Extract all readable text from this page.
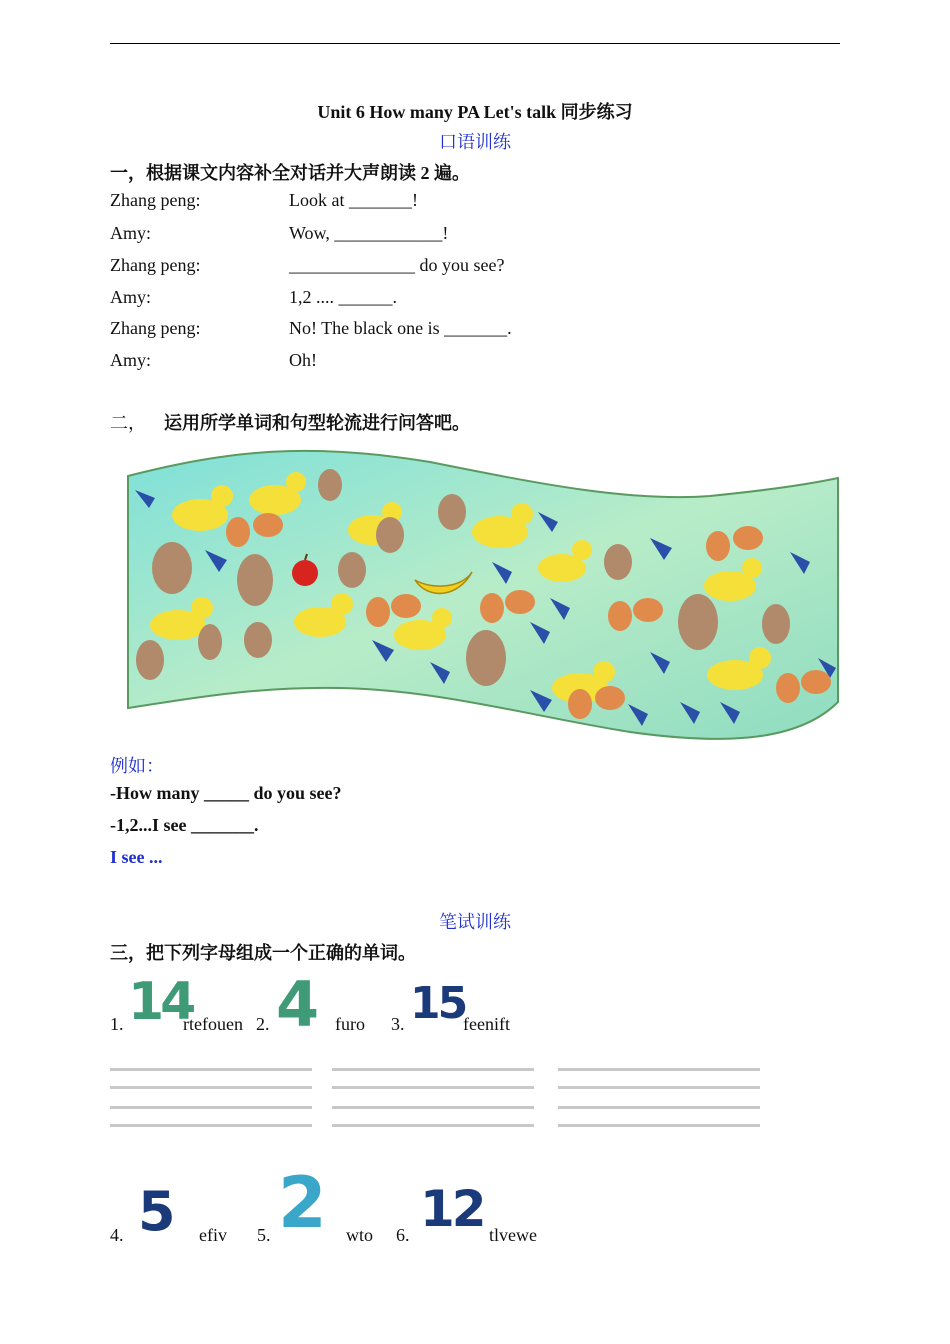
Unit 6 How many PA Let's talk 同步练习
口语训练
一，根据课文内容补全对话并大声朗读 2 遍。
Zhang peng:	Look at _______!
Amy:	Wow, ____________!
Zhang peng:	______________ do you see?
Amy:	1,2 .... ______.
Zhang peng:	No! The black one is _______.
Amy:	Oh!
二， 运用所学单词和句型轮流进行问答吧。
例如：
-How many _____ do you see?
-1,2...I see _______.
I see ...
笔试训练
三，把下列字母组成一个正确的单词。
1. 14
rtefouen 2. 4 furo 3. 15
feenift
4. 5 efiv 5. 2 wto 6. 12 tlvewe
